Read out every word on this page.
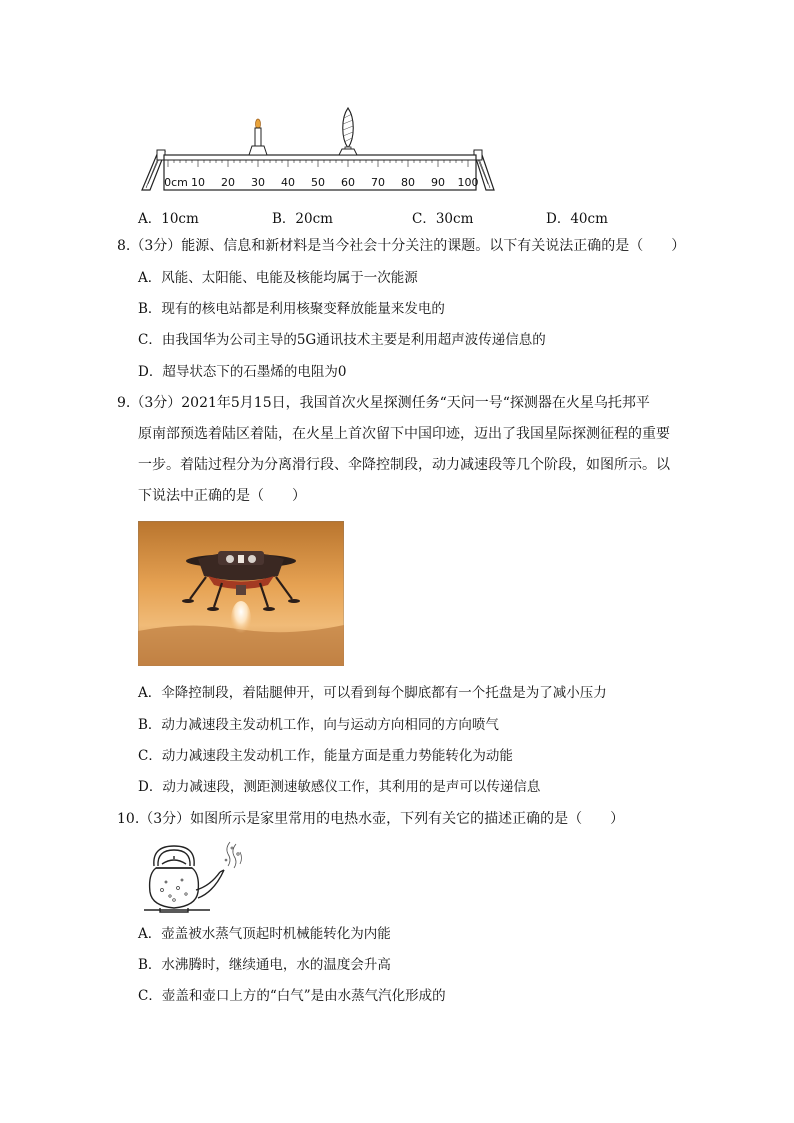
0cm 10 20 30 40 50 60 70 80 90 100
A．10cm	B．20cm	C．30cm	D．40cm
8.（3分）能源、信息和新材料是当今社会十分关注的课题。以下有关说法正确的是（　　）
A．风能、太阳能、电能及核能均属于一次能源
B．现有的核电站都是利用核聚变释放能量来发电的
C．由我国华为公司主导的5G通讯技术主要是利用超声波传递信息的
D．超导状态下的石墨烯的电阻为0
9.（3分）2021年5月15日，我国首次火星探测任务“天问一号“探测器在火星乌托邦平
原南部预选着陆区着陆，在火星上首次留下中国印迹，迈出了我国星际探测征程的重要
一步。着陆过程分为分离滑行段、伞降控制段，动力减速段等几个阶段，如图所示。以
下说法中正确的是（　　）
A．伞降控制段，着陆腿伸开，可以看到每个脚底都有一个托盘是为了减小压力
B．动力减速段主发动机工作，向与运动方向相同的方向喷气
C．动力减速段主发动机工作，能量方面是重力势能转化为动能
D．动力减速段，测距测速敏感仪工作，其利用的是声可以传递信息
10.（3分）如图所示是家里常用的电热水壶，下列有关它的描述正确的是（　　）
A．壶盖被水蒸气顶起时机械能转化为内能
B．水沸腾时，继续通电，水的温度会升高
C．壶盖和壶口上方的“白气”是由水蒸气汽化形成的
